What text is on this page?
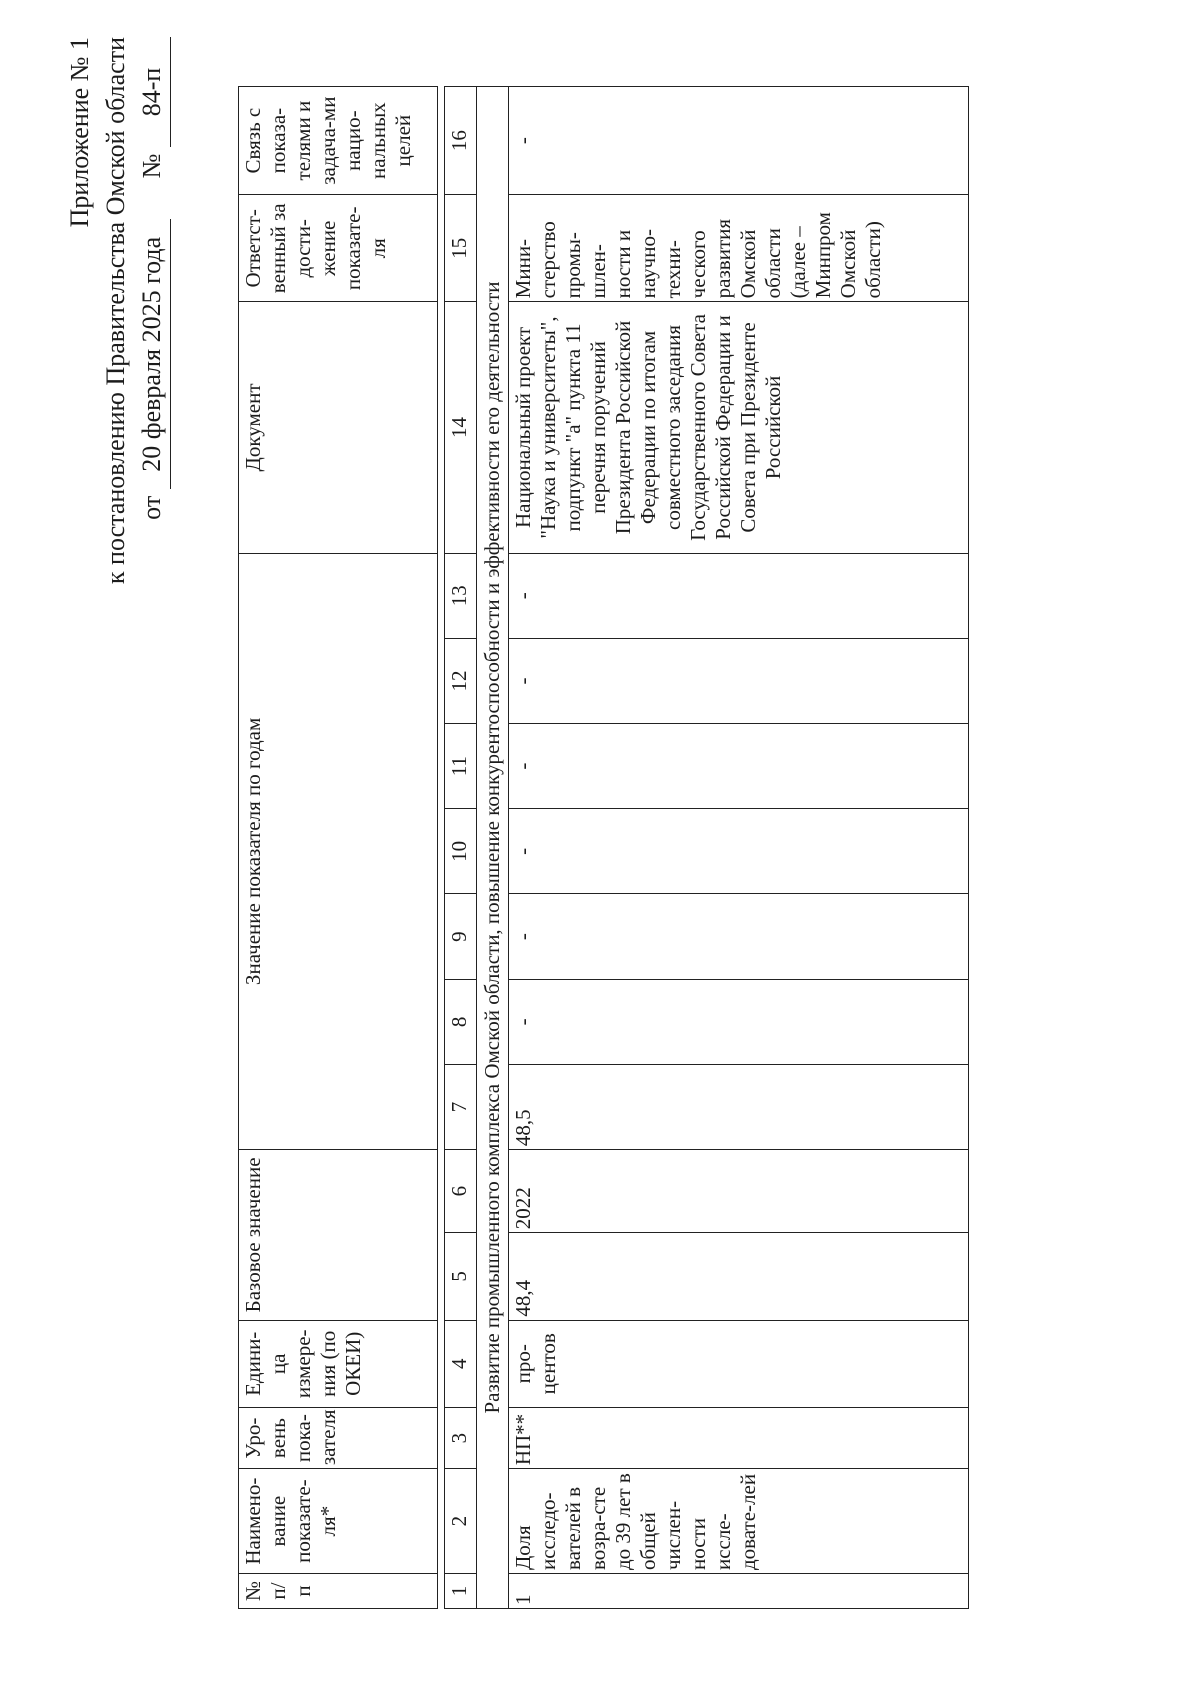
Приложение № 1 к постановлению Правительства Омской области от 20 февраля 2025 года  № 84-п
№ п/п	Наимено-вание показате-ля*	Уро-вень пока-зателя	Едини-ца измере-ния (по ОКЕИ)	Базовое значение	Значение показателя по годам	Документ	Ответст-венный за дости-жение показате-ля	Связь с показа-телями и задача-ми нацио-нальных целей
1	2	3	4	5	6	7	8	9	10	11	12	13	14	15	16
Развитие промышленного комплекса Омской области, повышение конкурентоспособности и эффективности его деятельности															
1	Доля исследо-вателей в возра-сте до 39 лет в общей числен-ности иссле-довате-лей	НП**	про-центов	48,4	2022	48,5	-	-	-	-	-	-	Национальный проект "Наука и университеты", подпункт "а" пункта 11 перечня поручений Президента Российской Федерации по итогам совместного заседания Государственного Совета Российской Федерации и Совета при Президенте Российской	Мини-стерство промы-шлен-ности и научно-техни-ческого развития Омской области (далее – Минпром Омской области)	-
